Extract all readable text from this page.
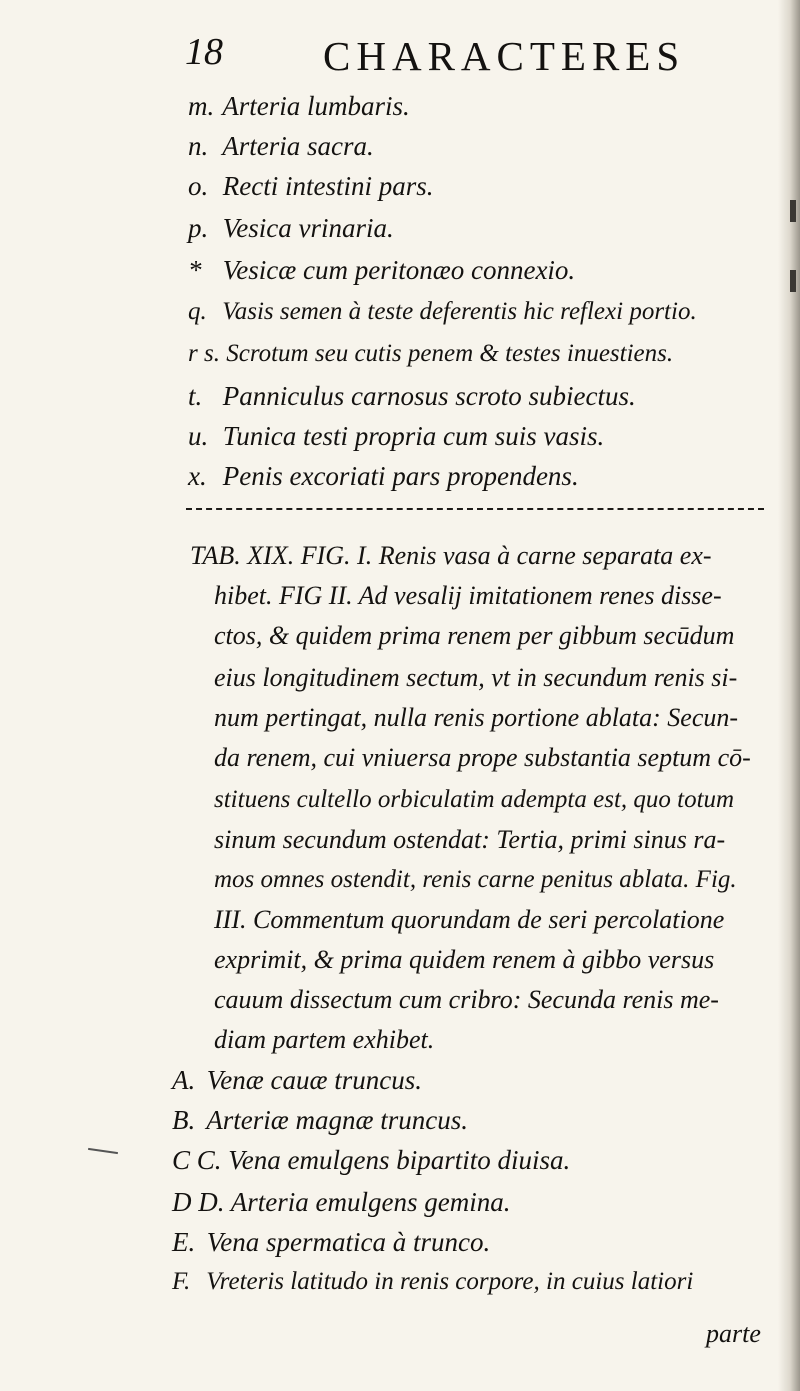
18 CHARACTERES
m. Arteria lumbaris.
n. Arteria sacra.
o. Recti intestini pars.
p. Vesica vrinaria.
* Vesicæ cum peritonæo connexio.
q. Vasis semen à teste deferentis hic reflexi portio.
r s. Scrotum seu cutis penem & testes inuestiens.
t. Panniculus carnosus scroto subiectus.
u. Tunica testi propria cum suis vasis.
x. Penis excoriati pars propendens.
TAB. XIX. FIG. I. Renis vasa à carne separata ex-
hibet. FIG II. Ad vesalij imitationem renes disse-
ctos, & quidem prima renem per gibbum secūdum
eius longitudinem sectum, vt in secundum renis si-
num pertingat, nulla renis portione ablata: Secun-
da renem, cui vniuersa prope substantia septum cō-
stituens cultello orbiculatim adempta est, quo totum
sinum secundum ostendat: Tertia, primi sinus ra-
mos omnes ostendit, renis carne penitus ablata. Fig.
III. Commentum quorundam de seri percolatione
exprimit, & prima quidem renem à gibbo versus
cauum dissectum cum cribro: Secunda renis me-
diam partem exhibet.
A. Venæ cauæ truncus.
B. Arteriæ magnæ truncus.
C C. Vena emulgens bipartito diuisa.
D D. Arteria emulgens gemina.
E. Vena spermatica à trunco.
F. Vreteris latitudo in renis corpore, in cuius latiori
parte
